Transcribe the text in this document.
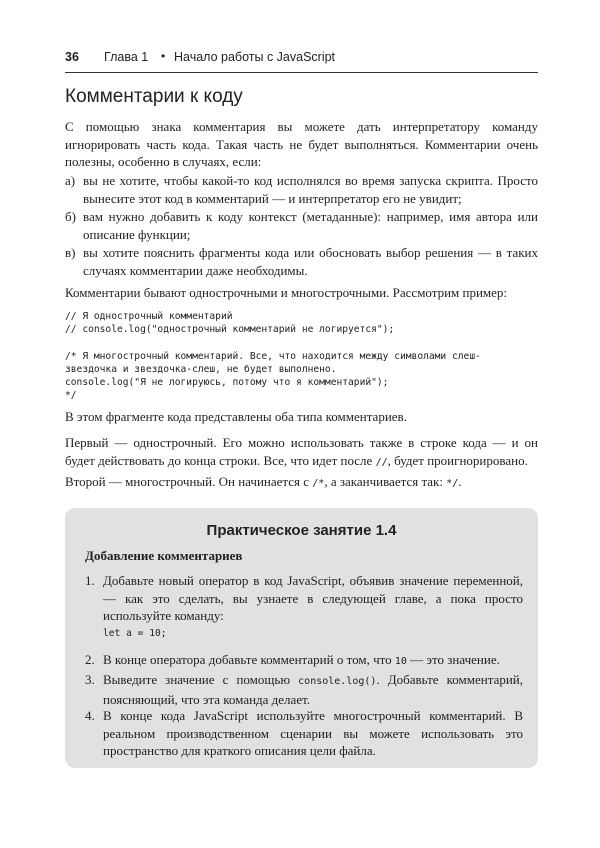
36 Глава 1 • Начало работы с JavaScript
Комментарии к коду
С помощью знака комментария вы можете дать интерпретатору команду игнорировать часть кода. Такая часть не будет выполняться. Комментарии очень полезны, особенно в случаях, если:
а) вы не хотите, чтобы какой-то код исполнялся во время запуска скрипта. Просто вынесите этот код в комментарий — и интерпретатор его не увидит;
б) вам нужно добавить к коду контекст (метаданные): например, имя автора или описание функции;
в) вы хотите пояснить фрагменты кода или обосновать выбор решения — в таких случаях комментарии даже необходимы.
Комментарии бывают однострочными и многострочными. Рассмотрим пример:
// Я однострочный комментарий
// console.log("однострочный комментарий не логируется");

/* Я многострочный комментарий. Все, что находится между символами слеш-
звездочка и звездочка-слеш, не будет выполнено.
console.log("Я не логируюсь, потому что я комментарий");
*/
В этом фрагменте кода представлены оба типа комментариев.
Первый — однострочный. Его можно использовать также в строке кода — и он будет действовать до конца строки. Все, что идет после //, будет проигнорировано.
Второй — многострочный. Он начинается с /*, а заканчивается так: */.
Практическое занятие 1.4
Добавление комментариев
1. Добавьте новый оператор в код JavaScript, объявив значение переменной, — как это сделать, вы узнаете в следующей главе, а пока просто используйте команду:
let a = 10;
2. В конце оператора добавьте комментарий о том, что 10 — это значение.
3. Выведите значение с помощью console.log(). Добавьте комментарий, поясняющий, что эта команда делает.
4. В конце кода JavaScript используйте многострочный комментарий. В реальном производственном сценарии вы можете использовать это пространство для краткого описания цели файла.
